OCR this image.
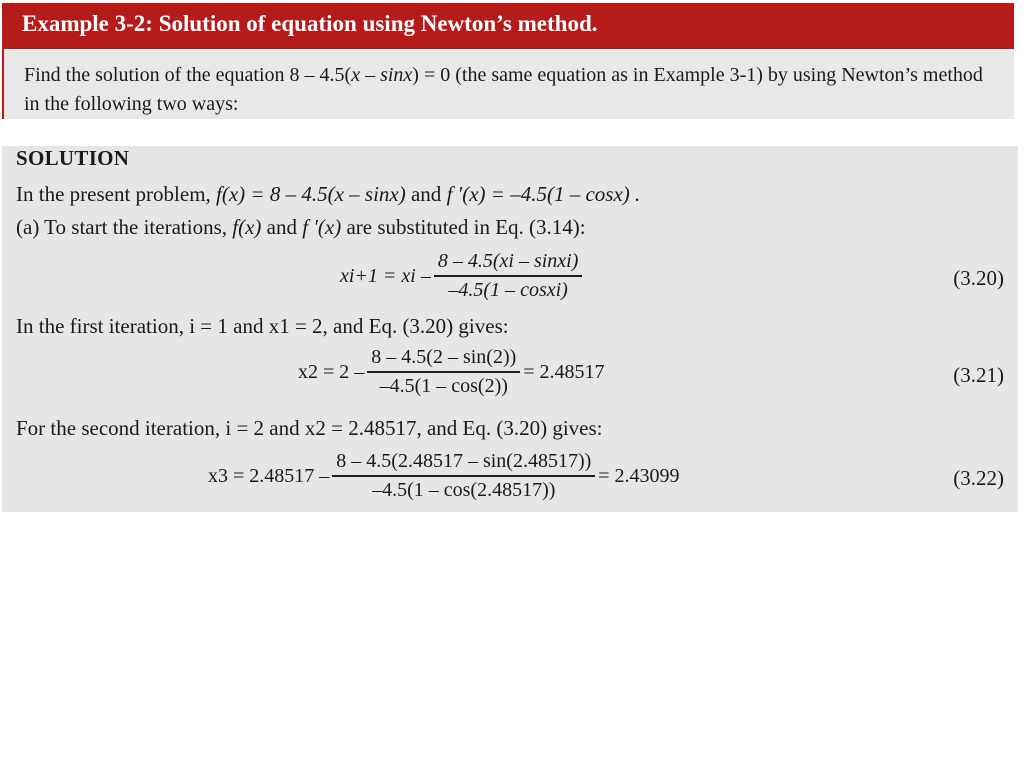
Example 3-2: Solution of equation using Newton’s method.
Find the solution of the equation 8 – 4.5(x – sinx) = 0 (the same equation as in Example 3-1) by using Newton’s method in the following two ways:
SOLUTION
In the present problem, f(x) = 8 – 4.5(x – sinx) and f ′(x) = –4.5(1 – cosx) .
(a) To start the iterations, f(x) and f ′(x) are substituted in Eq. (3.14):
xi+1 = xi – $\frac{\text{8 – 4.5(xi – sinxi)}}{\text{–4.5(1 – cosxi)}}$	(3.20)
In the first iteration, i = 1 and x1 = 2, and Eq. (3.20) gives:
$x2 = 2 - \frac{8 - 4.5(2 - \sin(2))}{-4.5(1 - \cos(2))} = 2.48517$	(3.21)
For the second iteration, i = 2 and x2 = 2.48517, and Eq. (3.20) gives:
$x3 = 2.48517 - \frac{8 - 4.5(2.48517 - \sin(2.48517))}{-4.5(1 - \cos(2.48517))} = 2.43099$	(3.22)
